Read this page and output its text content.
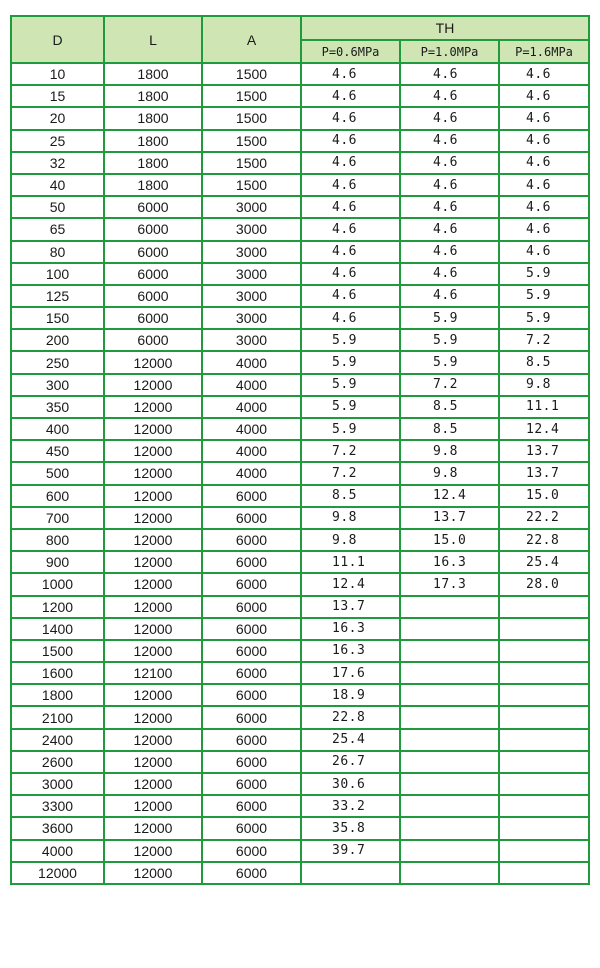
D	L	A	TH		
			P=0.6MPa	P=1.0MPa	P=1.6MPa
10	1800	1500	4.6	4.6	4.6
15	1800	1500	4.6	4.6	4.6
20	1800	1500	4.6	4.6	4.6
25	1800	1500	4.6	4.6	4.6
32	1800	1500	4.6	4.6	4.6
40	1800	1500	4.6	4.6	4.6
50	6000	3000	4.6	4.6	4.6
65	6000	3000	4.6	4.6	4.6
80	6000	3000	4.6	4.6	4.6
100	6000	3000	4.6	4.6	5.9
125	6000	3000	4.6	4.6	5.9
150	6000	3000	4.6	5.9	5.9
200	6000	3000	5.9	5.9	7.2
250	12000	4000	5.9	5.9	8.5
300	12000	4000	5.9	7.2	9.8
350	12000	4000	5.9	8.5	11.1
400	12000	4000	5.9	8.5	12.4
450	12000	4000	7.2	9.8	13.7
500	12000	4000	7.2	9.8	13.7
600	12000	6000	8.5	12.4	15.0
700	12000	6000	9.8	13.7	22.2
800	12000	6000	9.8	15.0	22.8
900	12000	6000	11.1	16.3	25.4
1000	12000	6000	12.4	17.3	28.0
1200	12000	6000	13.7		
1400	12000	6000	16.3		
1500	12000	6000	16.3		
1600	12100	6000	17.6		
1800	12000	6000	18.9		
2100	12000	6000	22.8		
2400	12000	6000	25.4		
2600	12000	6000	26.7		
3000	12000	6000	30.6		
3300	12000	6000	33.2		
3600	12000	6000	35.8		
4000	12000	6000	39.7		
12000	12000	6000			
